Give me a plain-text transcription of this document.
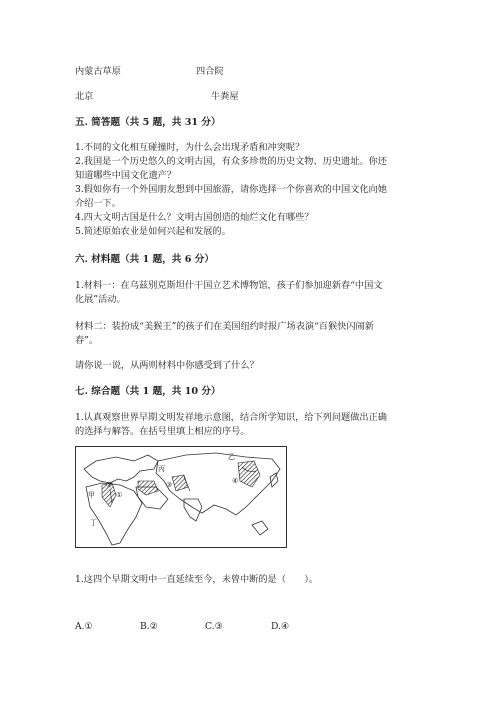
内蒙古草原	四合院
北京	牛粪屋
五. 简答题（共 5 题，共 31 分）
1.不同的文化相互碰撞时，为什么会出现矛盾和冲突呢？
2.我国是一个历史悠久的文明古国，有众多珍贵的历史文物、历史遗址。你还
知道哪些中国文化遗产？
3.假如你有一个外国朋友想到中国旅游，请你选择一个你喜欢的中国文化向她
介绍一下。
4.四大文明古国是什么？文明古国创造的灿烂文化有哪些？
5.简述原始农业是如何兴起和发展的。
六. 材料题（共 1 题，共 6 分）
1.材料一：在乌兹别克斯坦什干国立艺术博物馆，孩子们参加迎新春“中国文
化展”活动。
材料二：装扮成“美猴王”的孩子们在美国纽约时报广场表演“百猴快闪闹新
春”。
请你说一说，从两则材料中你感受到了什么？
七. 综合题（共 1 题，共 10 分）
1.认真观察世界早期文明发祥地示意图，结合所学知识，给下列问题做出正确
的选择与解答。在括号里填上相应的序号。
甲
丁
丙
乙
①
②	③	④
1.这四个早期文明中一直延续至今，未曾中断的是（　　）。
A.①	B.②	C.③	D.④
